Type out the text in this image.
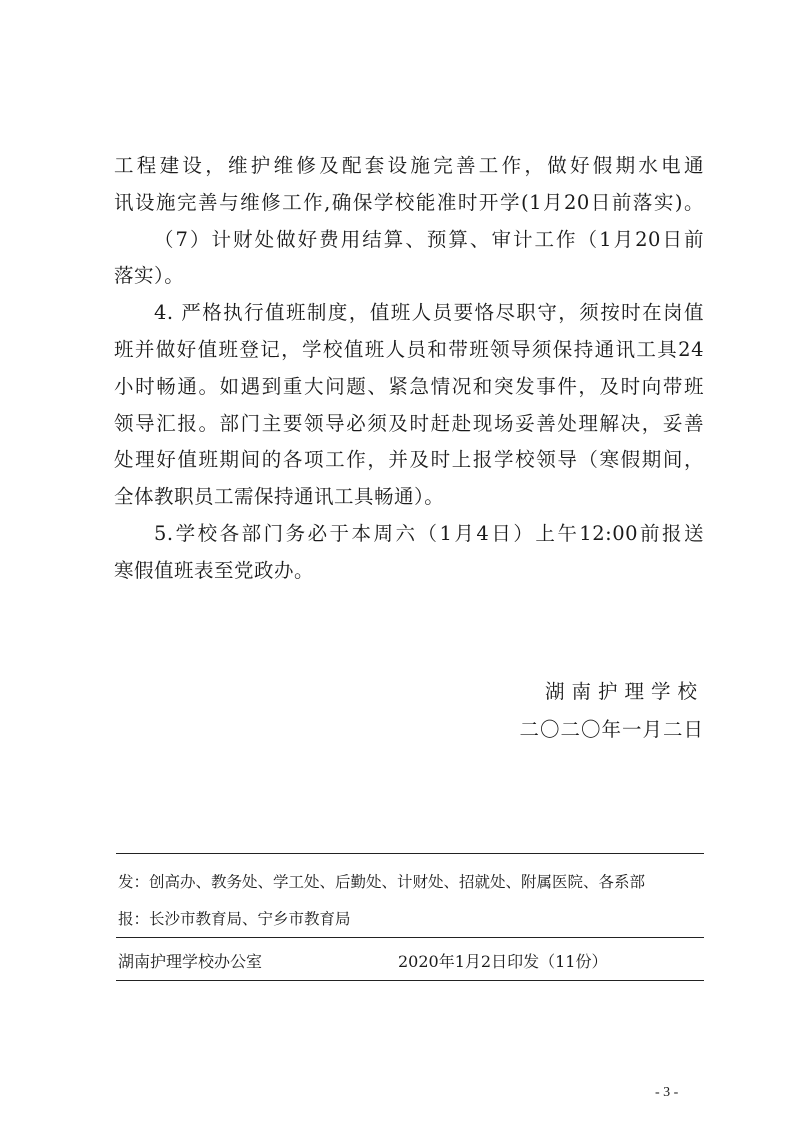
工程建设，维护维修及配套设施完善工作，做好假期水电通
讯设施完善与维修工作,确保学校能准时开学(1月20日前落实)。
（7）计财处做好费用结算、预算、审计工作（1月20日前
落实）。
4. 严格执行值班制度，值班人员要恪尽职守，须按时在岗值
班并做好值班登记，学校值班人员和带班领导须保持通讯工具24
小时畅通。如遇到重大问题、紧急情况和突发事件，及时向带班
领导汇报。部门主要领导必须及时赶赴现场妥善处理解决，妥善
处理好值班期间的各项工作，并及时上报学校领导（寒假期间，
全体教职员工需保持通讯工具畅通）。
5.学校各部门务必于本周六（1月4日）上午12:00前报送
寒假值班表至党政办。
湖南护理学校
二〇二〇年一月二日
发：创高办、教务处、学工处、后勤处、计财处、招就处、附属医院、各系部
报：长沙市教育局、宁乡市教育局
湖南护理学校办公室	2020年1月2日印发（11份）
- 3 -
